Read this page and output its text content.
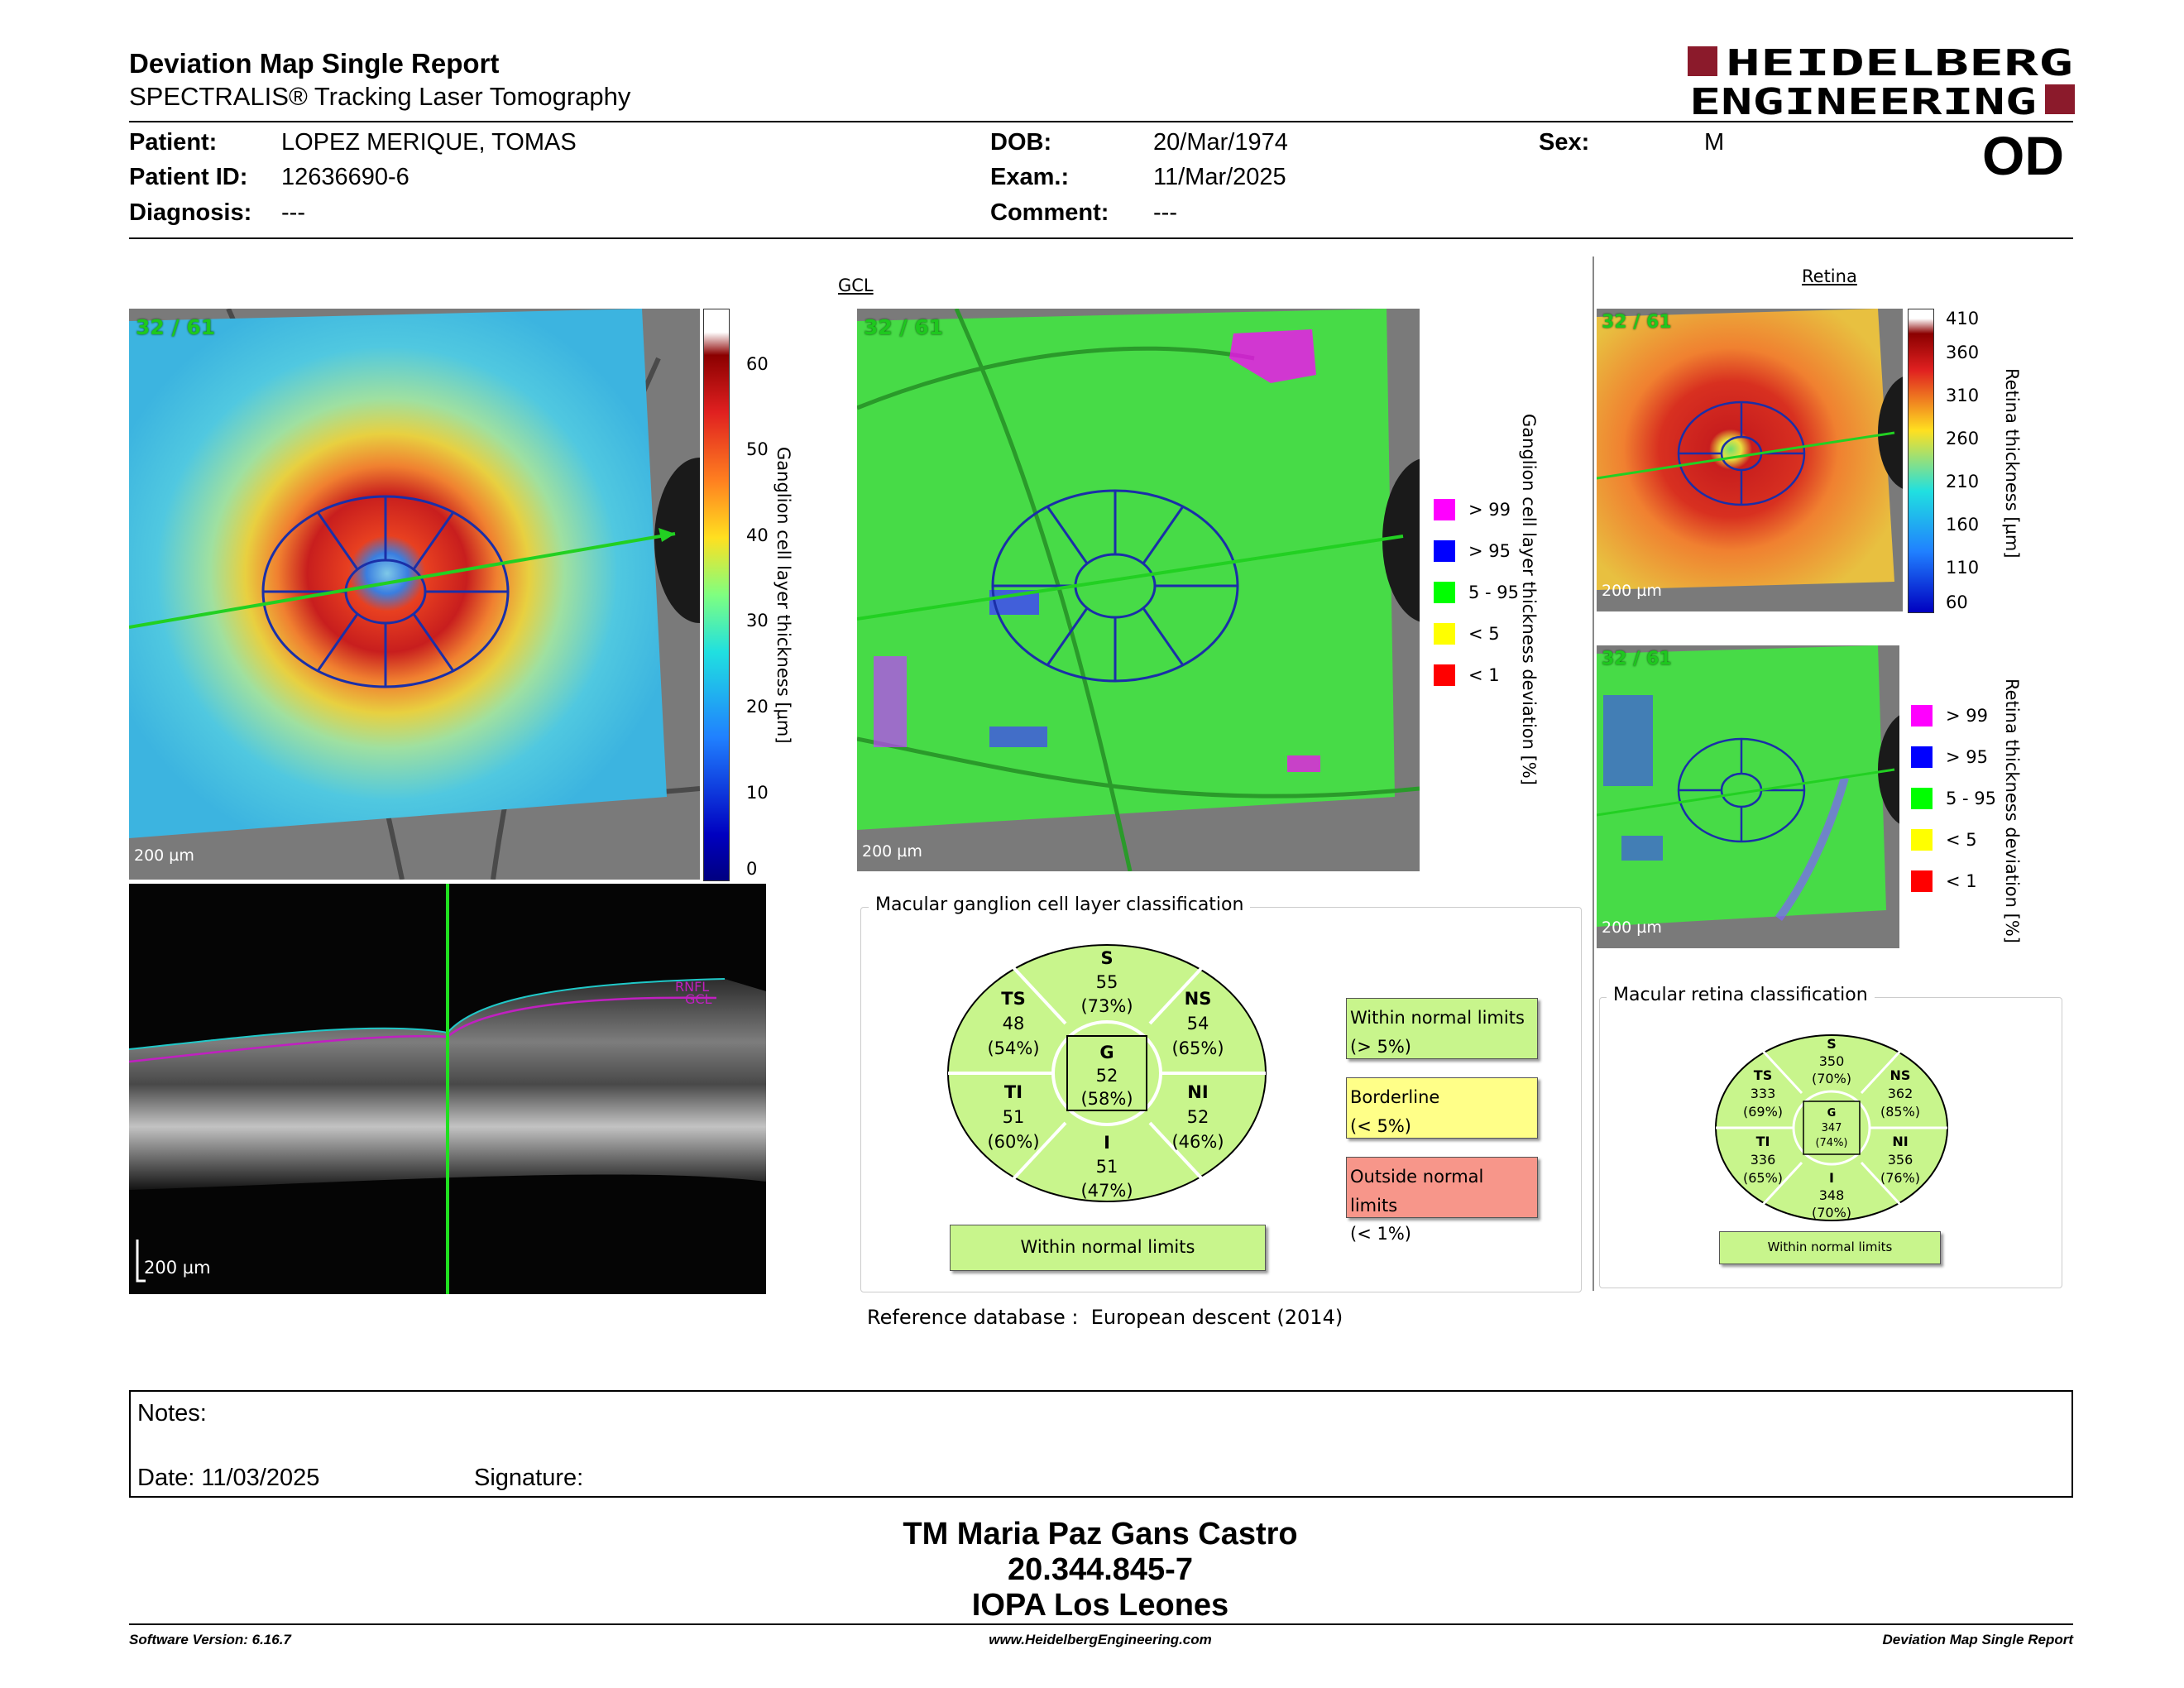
Deviation Map Single Report
SPECTRALIS® Tracking Laser Tomography
HEIDELBERG
ENGINEERING
Patient:	LOPEZ MERIQUE, TOMAS
Patient ID: 12636690-6
Diagnosis: ---
DOB:	20/Mar/1974
Exam.:	11/Mar/2025
Comment: ---
Sex:	M	OD
32 / 61
200 µm
60
50
40
30
20
10
0
Ganglion cell layer thickness [µm]
RNFL
GCL
200 µm
GCL
32 / 61
200 µm
> 99
> 95
5 - 95
< 5
< 1 Ganglion cell layer thickness deviation [%]
Macular ganglion cell layer classification
S
55
(73%)
TS
48
(54%)
NS
54
(65%)
G
52
(58%)
TI
51
(60%)
NI
52
(46%)
I
51
(47%)
Within normal limits
Within normal limits
(> 5%)
Borderline
(< 5%)
Outside normal limits
(< 1%)
Reference database : European descent (2014)
Retina
32 / 61
200 µm
410
360
310
260
210
160
110
60
Retina thickness [µm]
32 / 61
200 µm
> 99
> 95
5 - 95
< 5
< 1 Retina thickness deviation [%]
Macular retina classification
S
350
(70%)
TS
333
(69%)
NS
362
(85%)
TI
336
(65%)
NI
356
(76%)
I
348
(70%)
G
347
(74%)
Within normal limits
Notes:
Date: 11/03/2025	Signature:
TM Maria Paz Gans Castro
20.344.845-7
IOPA Los Leones
Software Version: 6.16.7	www.HeidelbergEngineering.com	Deviation Map Single Report
